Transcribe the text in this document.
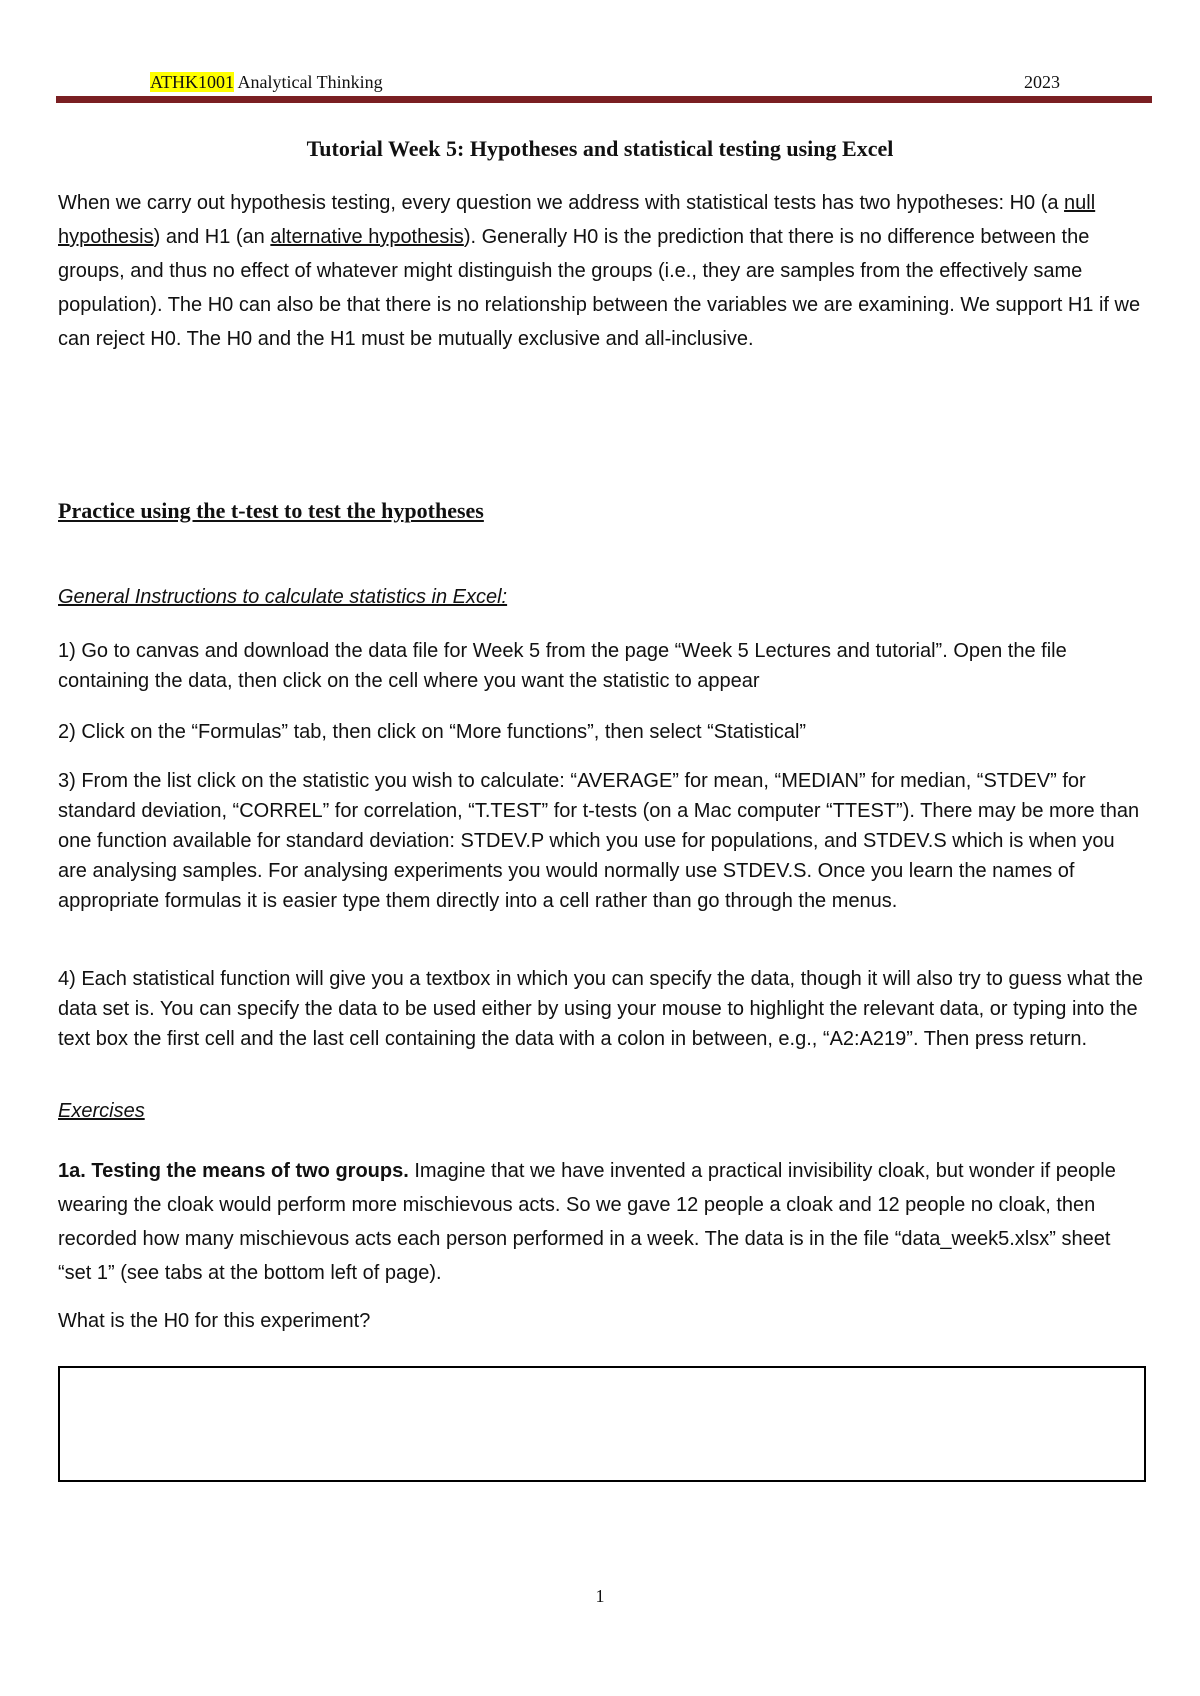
ATHK1001 Analytical Thinking	2023
Tutorial Week 5: Hypotheses and statistical testing using Excel

When we carry out hypothesis testing, every question we address with statistical tests has two hypotheses: H0 (a null hypothesis) and H1 (an alternative hypothesis). Generally H0 is the prediction that there is no difference between the groups, and thus no effect of whatever might distinguish the groups (i.e., they are samples from the effectively same population). The H0 can also be that there is no relationship between the variables we are examining. We support H1 if we can reject H0. The H0 and the H1 must be mutually exclusive and all-inclusive.

Practice using the t-test to test the hypotheses
General Instructions to calculate statistics in Excel:

1) Go to canvas and download the data file for Week 5 from the page “Week 5 Lectures and tutorial”. Open the file containing the data, then click on the cell where you want the statistic to appear

2) Click on the “Formulas” tab, then click on “More functions”, then select “Statistical”

3) From the list click on the statistic you wish to calculate: “AVERAGE” for mean, “MEDIAN” for median, “STDEV” for standard deviation, “CORREL” for correlation, “T.TEST” for t-tests (on a Mac computer “TTEST”). There may be more than one function available for standard deviation: STDEV.P which you use for populations, and STDEV.S which is when you are analysing samples. For analysing experiments you would normally use STDEV.S. Once you learn the names of appropriate formulas it is easier type them directly into a cell rather than go through the menus.

4) Each statistical function will give you a textbox in which you can specify the data, though it will also try to guess what the data set is. You can specify the data to be used either by using your mouse to highlight the relevant data, or typing into the text box the first cell and the last cell containing the data with a colon in between, e.g., “A2:A219”. Then press return.

Exercises

1a. Testing the means of two groups. Imagine that we have invented a practical invisibility cloak, but wonder if people wearing the cloak would perform more mischievous acts. So we gave 12 people a cloak and 12 people no cloak, then recorded how many mischievous acts each person performed in a week. The data is in the file “data_week5.xlsx” sheet “set 1” (see tabs at the bottom left of page).

What is the H0 for this experiment?
1
